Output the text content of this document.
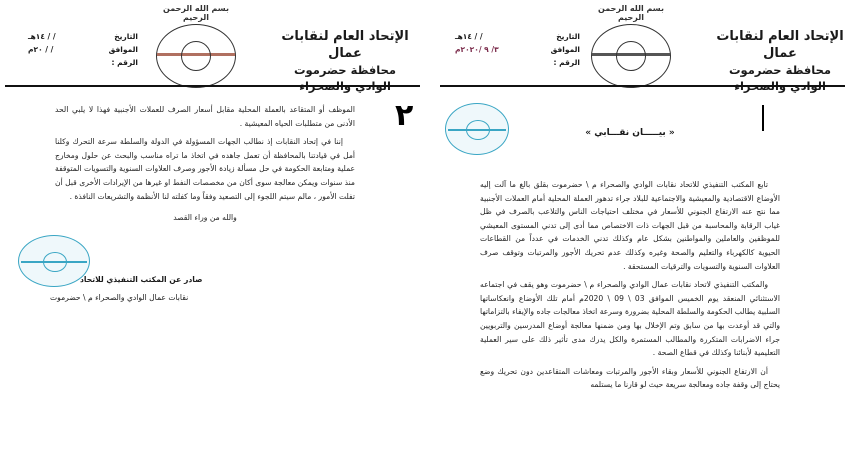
الإتحاد العام لنقابات عمال
محافظة حضرموت
بسم الله الرحمن الرحيم
التاريخ
/ / ١٤هـ
الموافق
/ / ٢٠م
الرقم :
٢

الموظف أو المتقاعد بالعملة المحلية مقابل أسعار الصرف للعملات الأجنبية فهذا لا يلبي الحد الأدنى من متطلبات الحياه المعيشية .

إننا في إتحاد النقابات إذ نطالب الجهات المسؤولة في الدولة والسلطة سرعة التحرك وكلنا أمل في قيادتنا بالمحافظة أن تعمل جاهده في اتخاذ ما تراه مناسب والبحث عن حلول ومخارج عملية ومتابعة الحكومة في حل مسألة زيادة الأجور وصرف العلاوات السنوية والتسويات المتوقفة منذ سنوات ويمكن معالجة سوى أكان من مخصصات النفط او غيرها من الإيرادات الأخرى قبل أن تفلت الأمور ، مالم سيتم اللجوء إلى التصعيد وفقاً وما كفلته لنا الأنظمة والتشريعات النافذة .

والله من وراء القصد

صادر عن المكتب التنفيذي للاتحاد
نقابات عمال الوادي والصحراء م \ حضرموت
الإتحاد العام لنقابات عمال
محافظة حضرموت
بسم الله الرحمن الرحيم
التاريخ
/ / ١٤هـ
الموافق
٣/ ٩ /٢٠٢٠م
الرقم :
« بيـــــان نقـــابي »

تابع المكتب التنفيذي للاتحاد نقابات الوادي والصحراء م \ حضرموت بقلق بالغ ما آلت إليه الأوضاع الاقتصادية والمعيشية والاجتماعية للبلاد جراء تدهور العملة المحلية أمام العملات الأجنبية مما نتج عنه الارتفاع الجنوني للأسعار في مختلف احتياجات الناس والتلاعب بالصرف في ظل غياب الرقابة والمحاسبة من قبل الجهات ذات الاختصاص مما أدى إلى تدني المستوى المعيشي للموظفين والعاملين والمواطنين بشكل عام وكذلك تدني الخدمات في عدداً من القطاعات الحيوية كالكهرباء والتعليم والصحة وغيره وكذلك عدم تحريك الأجور والمرتبات وتوقف صرف العلاوات السنوية والتسويات والترقيات المستحقة .

والمكتب التنفيذي لاتحاد نقابات عمال الوادي والصحراء م \ حضرموت وهو يقف في اجتماعه الاستثنائي المنعقد يوم الخميس الموافق 03 \ 09 \ 2020م أمام تلك الأوضاع وانعكاساتها السلبية يطالب الحكومة والسلطة المحلية بضرورة وسرعة اتخاذ معالجات جاده والإيفاء بالتزاماتها والتي قد أوعدت بها من سابق وتم الإخلال بها ومن ضمنها معالجة أوضاع المدرسين والتربويين جراء الاضرابات المتكررة والمطالب المستمرة والكل يدرك مدى تأثير ذلك على سير العملية التعليمية لأبنائنا وكذلك في قطاع الصحة .

أن الارتفاع الجنوني للأسعار وبقاء الأجور والمرتبات ومعاشات المتقاعدين دون تحريك وضع يحتاج إلى وقفة جاده ومعالجة سريعة حيث لو قارنا ما يستلمه
